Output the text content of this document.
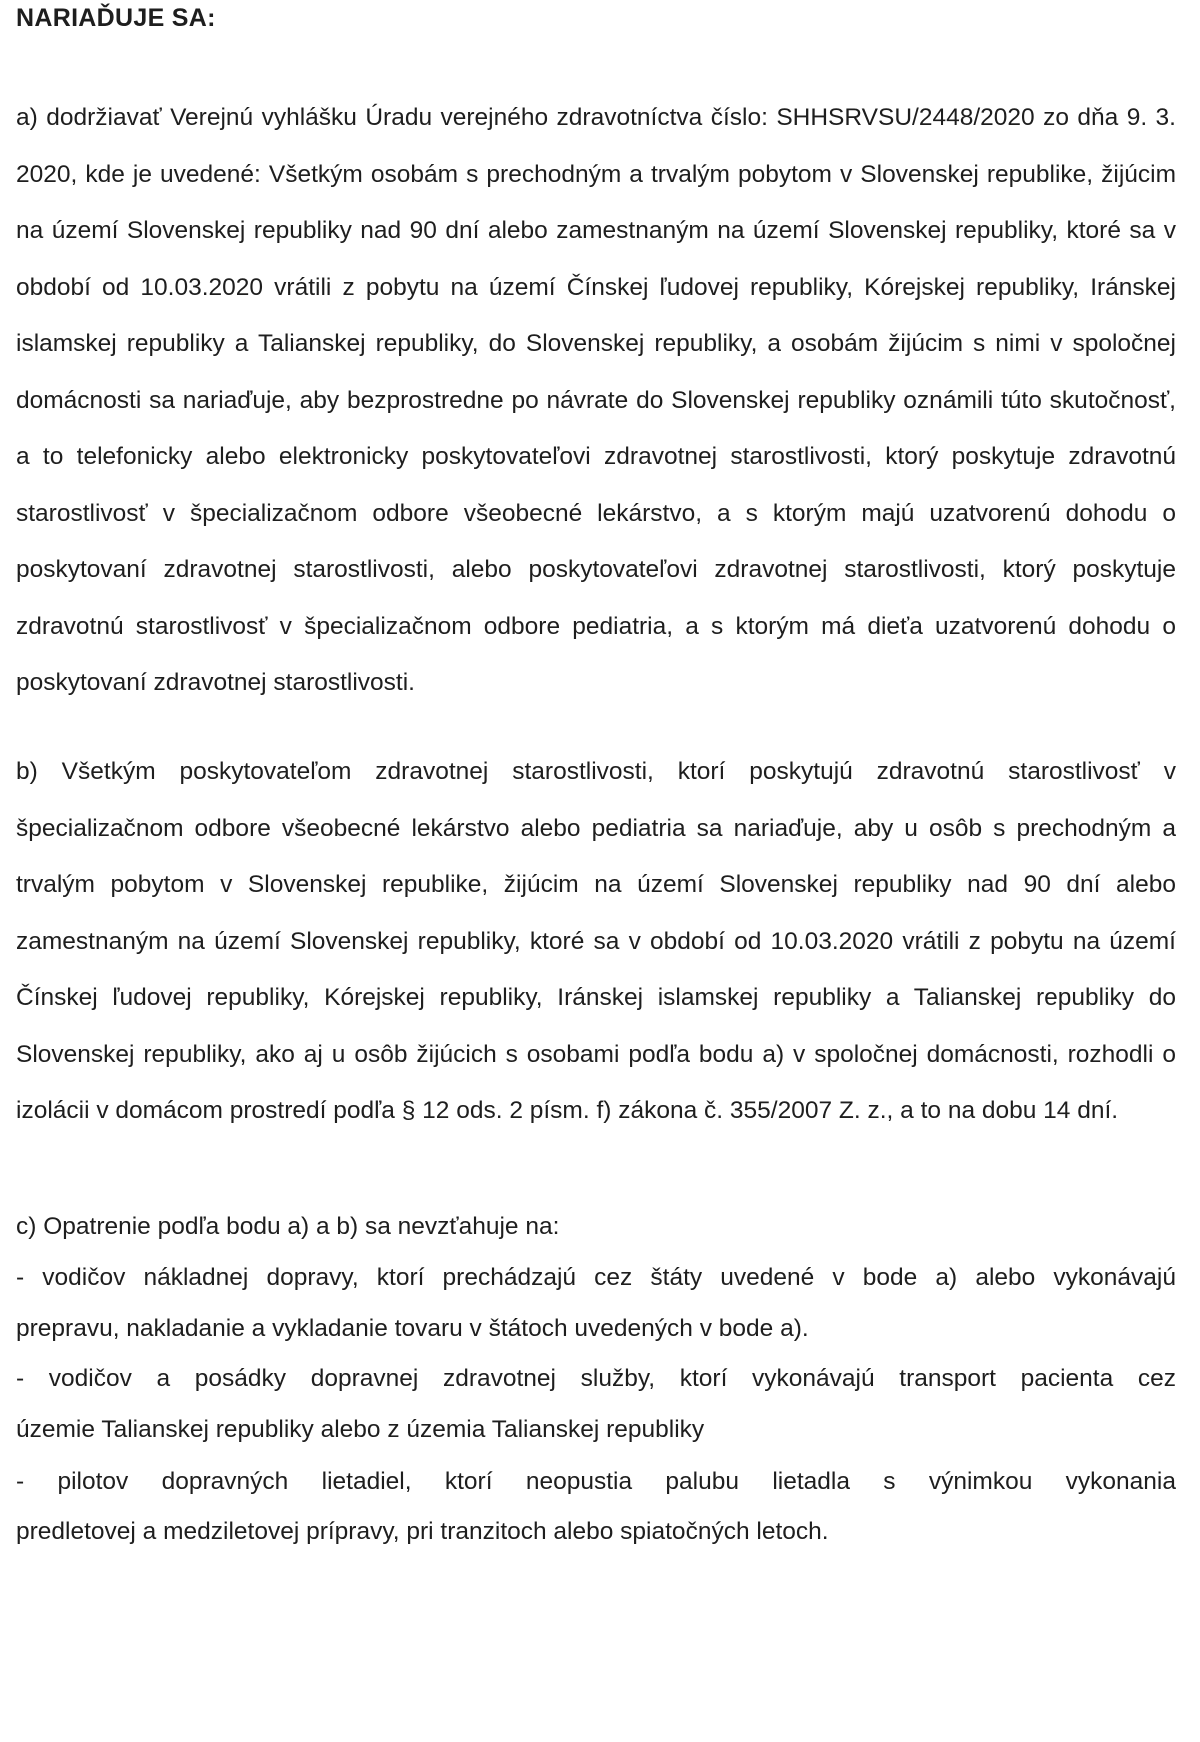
NARIAĎUJE SA:

a) dodržiavať Verejnú vyhlášku Úradu verejného zdravotníctva číslo: SHHSRVSU/2448/2020 zo dňa 9. 3. 2020, kde je uvedené: Všetkým osobám s prechodným a trvalým pobytom v Slovenskej republike, žijúcim na území Slovenskej republiky nad 90 dní alebo zamestnaným na území Slovenskej republiky, ktoré sa v období od 10.03.2020 vrátili z pobytu na území Čínskej ľudovej republiky, Kórejskej republiky, Iránskej islamskej republiky a Talianskej republiky, do Slovenskej republiky, a osobám žijúcim s nimi v spoločnej domácnosti sa nariaďuje, aby bezprostredne po návrate do Slovenskej republiky oznámili túto skutočnosť, a to telefonicky alebo elektronicky poskytovateľovi zdravotnej starostlivosti, ktorý poskytuje zdravotnú starostlivosť v špecializačnom odbore všeobecné lekárstvo, a s ktorým majú uzatvorenú dohodu o poskytovaní zdravotnej starostlivosti, alebo poskytovateľovi zdravotnej starostlivosti, ktorý poskytuje zdravotnú starostlivosť v špecializačnom odbore pediatria, a s ktorým má dieťa uzatvorenú dohodu o poskytovaní zdravotnej starostlivosti.

b) Všetkým poskytovateľom zdravotnej starostlivosti, ktorí poskytujú zdravotnú starostlivosť v špecializačnom odbore všeobecné lekárstvo alebo pediatria sa nariaďuje, aby u osôb s prechodným a trvalým pobytom v Slovenskej republike, žijúcim na území Slovenskej republiky nad 90 dní alebo zamestnaným na území Slovenskej republiky, ktoré sa v období od 10.03.2020 vrátili z pobytu na území Čínskej ľudovej republiky, Kórejskej republiky, Iránskej islamskej republiky a Talianskej republiky do Slovenskej republiky, ako aj u osôb žijúcich s osobami podľa bodu a) v spoločnej domácnosti, rozhodli o izolácii v domácom prostredí podľa § 12 ods. 2 písm. f) zákona č. 355/2007 Z. z., a to na dobu 14 dní.

c) Opatrenie podľa bodu a) a b) sa nevzťahuje na:

- vodičov nákladnej dopravy, ktorí prechádzajú cez štáty uvedené v bode a) alebo vykonávajú

prepravu, nakladanie a vykladanie tovaru v štátoch uvedených v bode a).

- vodičov a posádky dopravnej zdravotnej služby, ktorí vykonávajú transport pacienta cez

územie Talianskej republiky alebo z územia Talianskej republiky

- pilotov dopravných lietadiel, ktorí neopustia palubu lietadla s výnimkou vykonania

predletovej a medziletovej prípravy, pri tranzitoch alebo spiatočných letoch.
